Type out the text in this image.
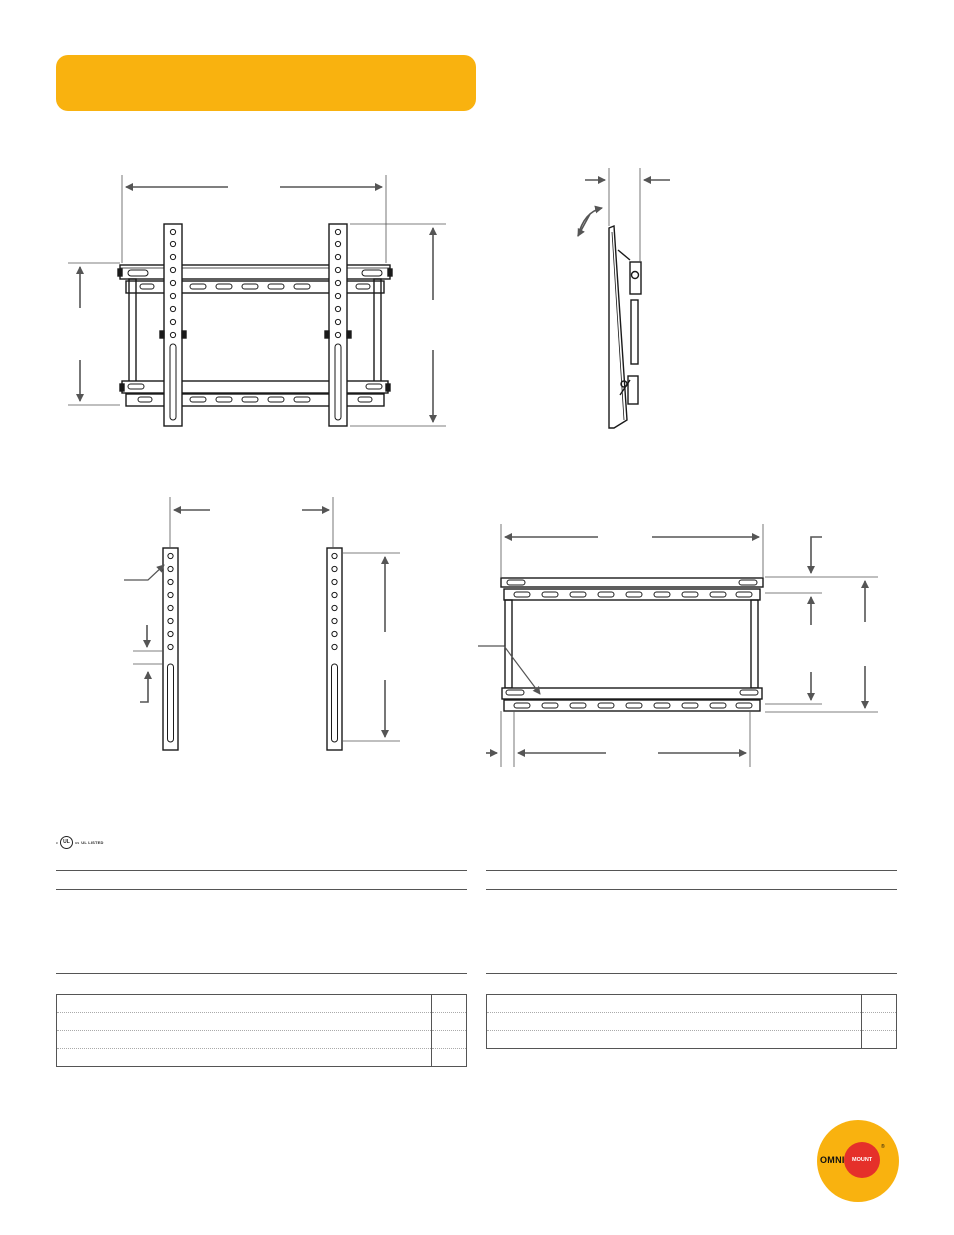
c	UL	us UL LISTED

OMNI MOUNT
®
